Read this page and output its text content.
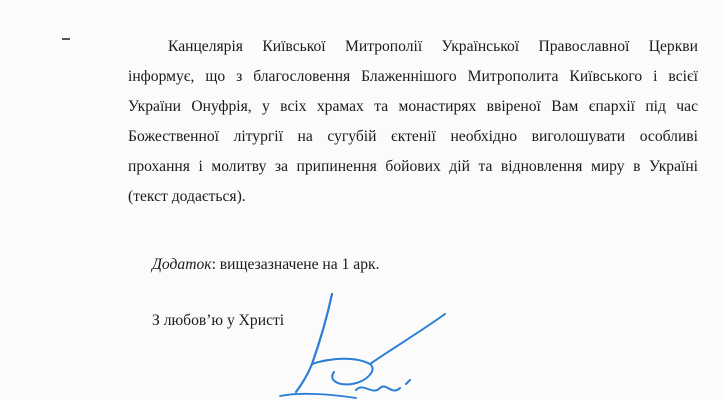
Канцелярія Київської Митрополії Української Православної Церкви
інформує, що з благословення Блаженнішого Митрополита Київського і всієї
України Онуфрія, у всіх храмах та монастирях ввіреної Вам єпархії під час
Божественної літургії на сугубій єктенії необхідно виголошувати особливі
прохання і молитву за припинення бойових дій та відновлення миру в Україні
(текст додається).
Додаток: вищезазначене на 1 арк.
З любов’ю у Христі
